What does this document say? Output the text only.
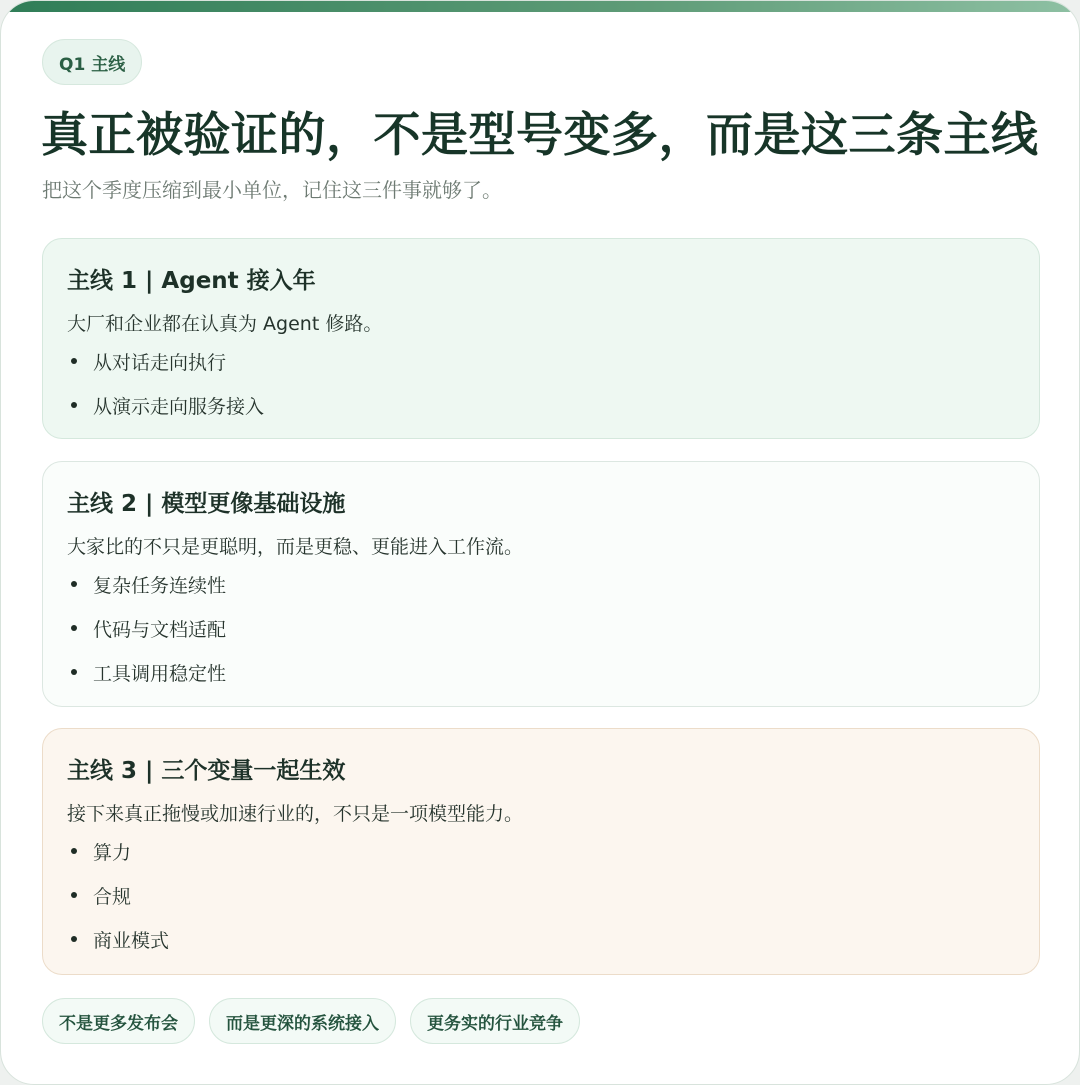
Q1 主线
真正被验证的，不是型号变多，而是这三条主线
把这个季度压缩到最小单位，记住这三件事就够了。
主线 1 | Agent 接入年
大厂和企业都在认真为 Agent 修路。
从对话走向执行
从演示走向服务接入
主线 2 | 模型更像基础设施
大家比的不只是更聪明，而是更稳、更能进入工作流。
复杂任务连续性
代码与文档适配
工具调用稳定性
主线 3 | 三个变量一起生效
接下来真正拖慢或加速行业的，不只是一项模型能力。
算力
合规
商业模式
不是更多发布会	而是更深的系统接入	更务实的行业竞争
